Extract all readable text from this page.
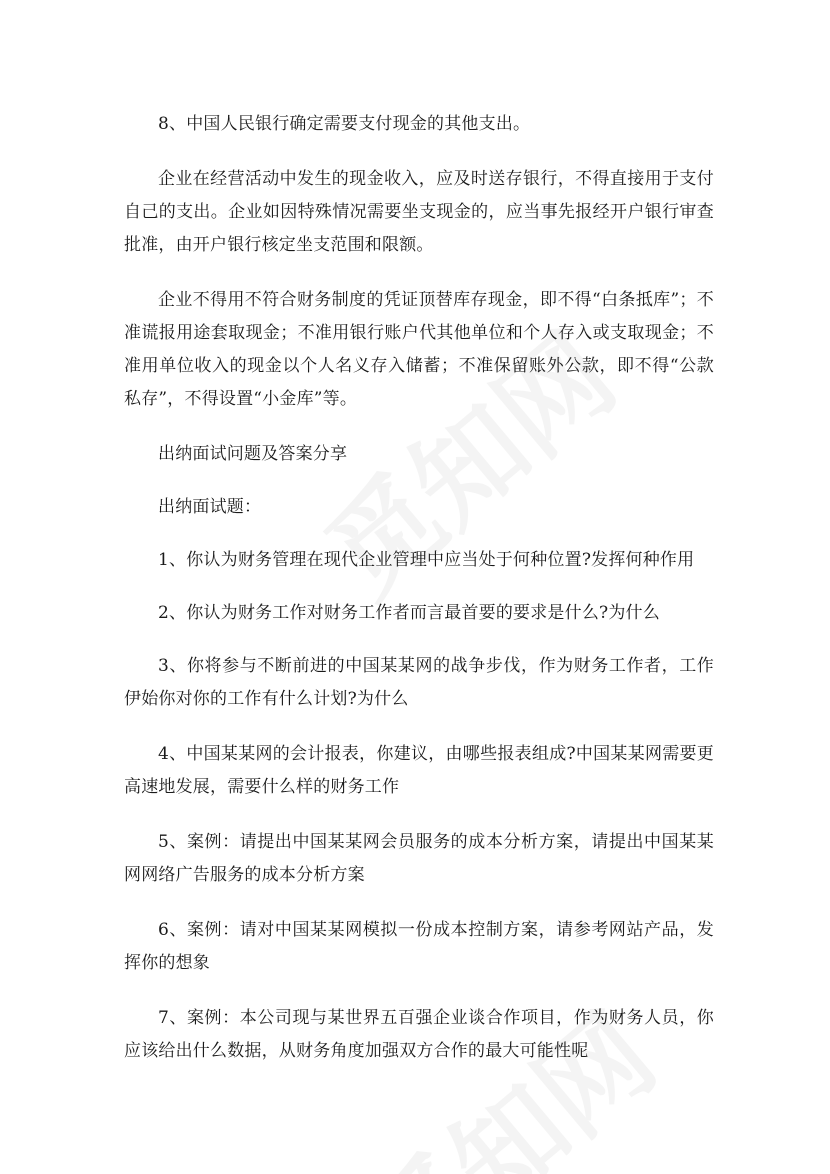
8、中国人民银行确定需要支付现金的其他支出。

企业在经营活动中发生的现金收入，应及时送存银行，不得直接用于支付自己的支出。企业如因特殊情况需要坐支现金的，应当事先报经开户银行审查批准，由开户银行核定坐支范围和限额。

企业不得用不符合财务制度的凭证顶替库存现金，即不得“白条抵库”；不准谎报用途套取现金；不准用银行账户代其他单位和个人存入或支取现金；不准用单位收入的现金以个人名义存入储蓄；不准保留账外公款，即不得“公款私存”，不得设置“小金库”等。

出纳面试问题及答案分享

出纳面试题：

1、你认为财务管理在现代企业管理中应当处于何种位置?发挥何种作用

2、你认为财务工作对财务工作者而言最首要的要求是什么?为什么

3、你将参与不断前进的中国某某网的战争步伐，作为财务工作者，工作伊始你对你的工作有什么计划?为什么

4、中国某某网的会计报表，你建议，由哪些报表组成?中国某某网需要更高速地发展，需要什么样的财务工作

5、案例：请提出中国某某网会员服务的成本分析方案，请提出中国某某网网络广告服务的成本分析方案

6、案例：请对中国某某网模拟一份成本控制方案，请参考网站产品，发挥你的想象

7、案例：本公司现与某世界五百强企业谈合作项目，作为财务人员，你应该给出什么数据，从财务角度加强双方合作的最大可能性呢
